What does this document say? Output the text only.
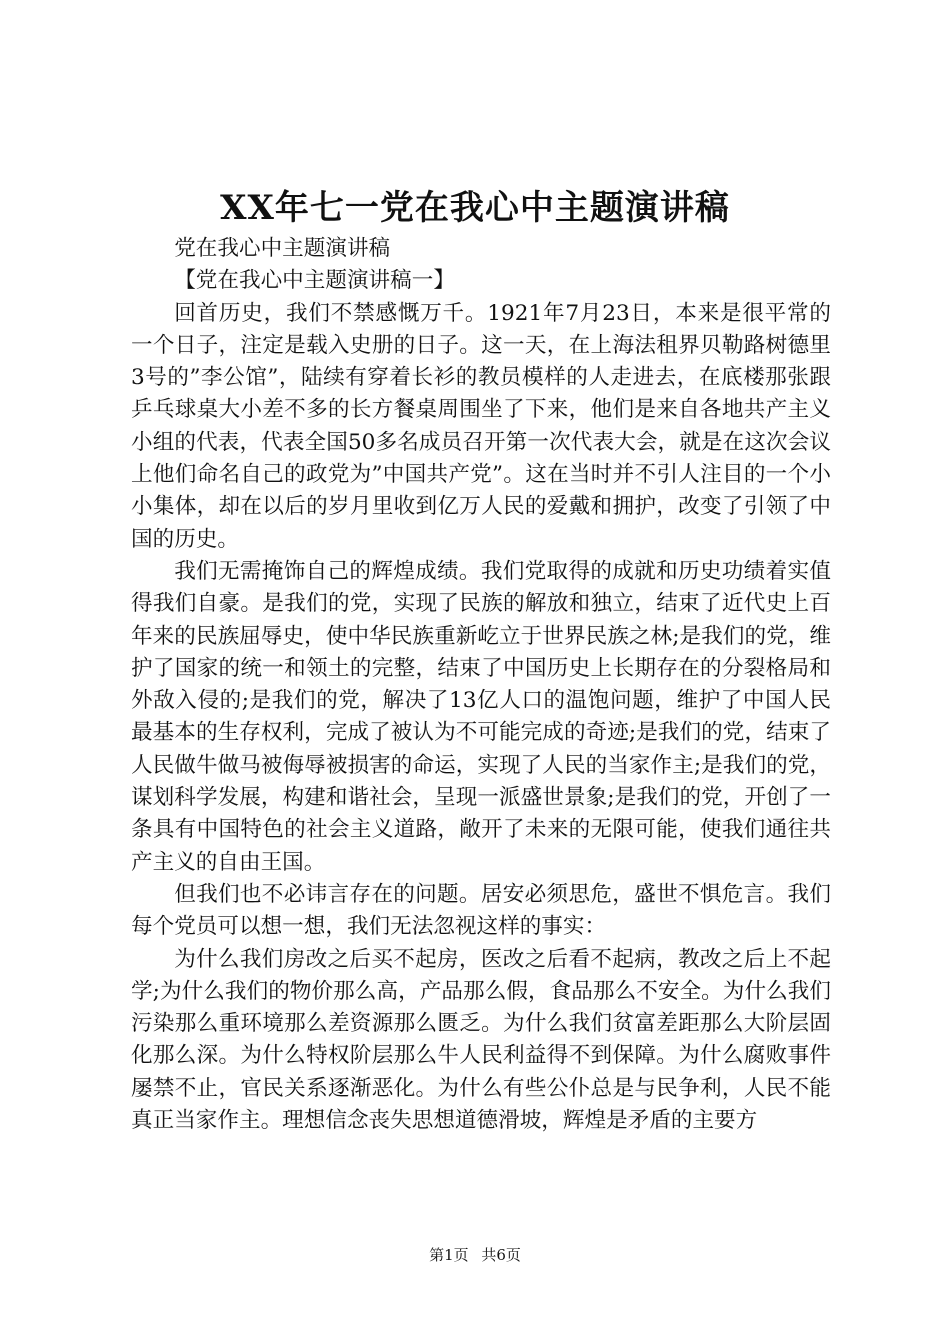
XX年七一党在我心中主题演讲稿

党在我心中主题演讲稿

【党在我心中主题演讲稿一】

回首历史，我们不禁感慨万千。1921年7月23日，本来是很平常的一个日子，注定是载入史册的日子。这一天，在上海法租界贝勒路树德里3号的”李公馆”，陆续有穿着长衫的教员模样的人走进去，在底楼那张跟乒乓球桌大小差不多的长方餐桌周围坐了下来，他们是来自各地共产主义小组的代表，代表全国50多名成员召开第一次代表大会，就是在这次会议上他们命名自己的政党为”中国共产党”。这在当时并不引人注目的一个小小集体，却在以后的岁月里收到亿万人民的爱戴和拥护，改变了引领了中国的历史。

我们无需掩饰自己的辉煌成绩。我们党取得的成就和历史功绩着实值得我们自豪。是我们的党，实现了民族的解放和独立，结束了近代史上百年来的民族屈辱史，使中华民族重新屹立于世界民族之林;是我们的党，维护了国家的统一和领土的完整，结束了中国历史上长期存在的分裂格局和外敌入侵的;是我们的党，解决了13亿人口的温饱问题，维护了中国人民最基本的生存权利，完成了被认为不可能完成的奇迹;是我们的党，结束了人民做牛做马被侮辱被损害的命运，实现了人民的当家作主;是我们的党，谋划科学发展，构建和谐社会，呈现一派盛世景象;是我们的党，开创了一条具有中国特色的社会主义道路，敞开了未来的无限可能，使我们通往共产主义的自由王国。

但我们也不必讳言存在的问题。居安必须思危，盛世不惧危言。我们每个党员可以想一想，我们无法忽视这样的事实：

为什么我们房改之后买不起房，医改之后看不起病，教改之后上不起学;为什么我们的物价那么高，产品那么假，食品那么不安全。为什么我们污染那么重环境那么差资源那么匮乏。为什么我们贫富差距那么大阶层固化那么深。为什么特权阶层那么牛人民利益得不到保障。为什么腐败事件屡禁不止，官民关系逐渐恶化。为什么有些公仆总是与民争利，人民不能真正当家作主。理想信念丧失思想道德滑坡，辉煌是矛盾的主要方

第1页 共6页
